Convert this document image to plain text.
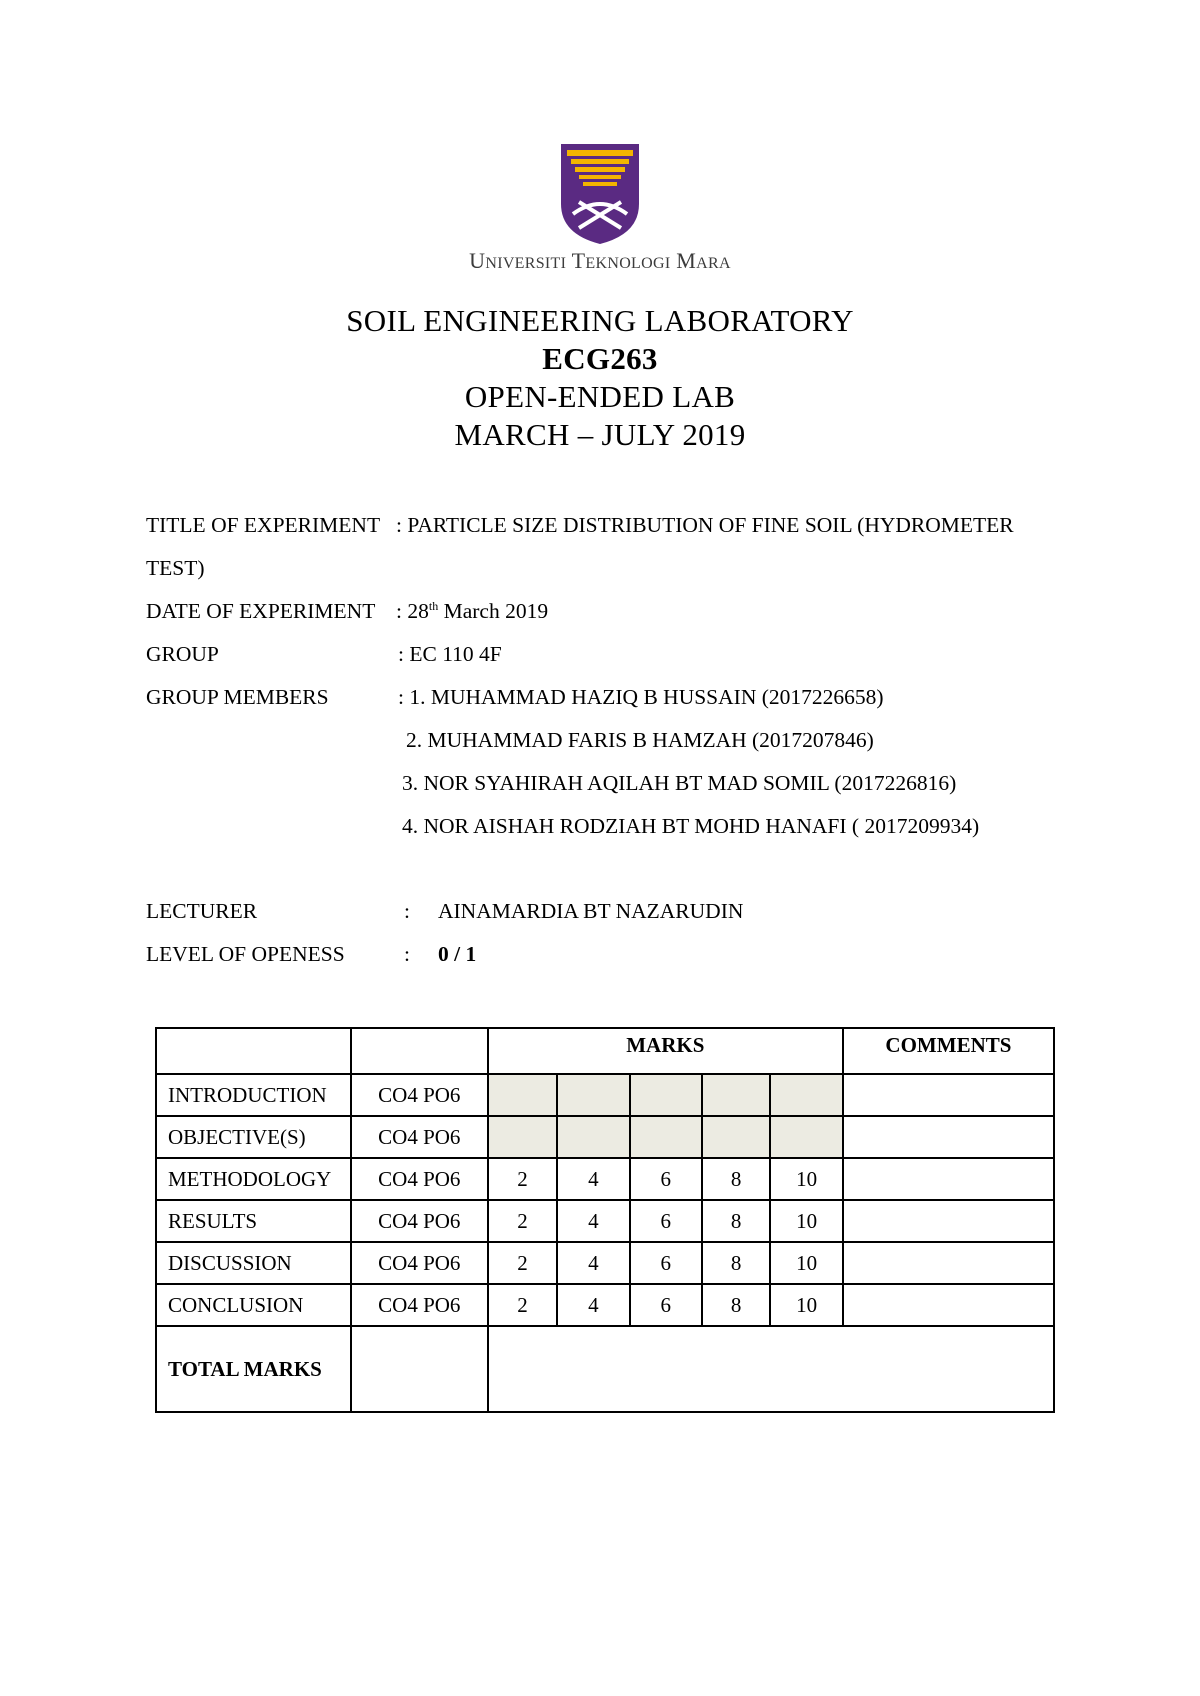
UNIVERSITI TEKNOLOGI MARA
SOIL ENGINEERING LABORATORY
ECG263
OPEN-ENDED LAB
MARCH – JULY 2019
TITLE OF EXPERIMENT : PARTICLE SIZE DISTRIBUTION OF FINE SOIL (HYDROMETER
TEST)
DATE OF EXPERIMENT : 28th March 2019
GROUP	: EC 110 4F
GROUP MEMBERS	: 1. MUHAMMAD HAZIQ B HUSSAIN (2017226658)
2. MUHAMMAD FARIS B HAMZAH (2017207846)
3. NOR SYAHIRAH AQILAH BT MAD SOMIL (2017226816)
4. NOR AISHAH RODZIAH BT MOHD HANAFI ( 2017209934)
LECTURER	: AINAMARDIA BT NAZARUDIN
LEVEL OF OPENESS	: 0 / 1
		MARKS					COMMENTS
INTRODUCTION	CO4 PO6						
OBJECTIVE(S)	CO4 PO6						
METHODOLOGY	CO4 PO6	2	4	6	8	10	
RESULTS	CO4 PO6	2	4	6	8	10	
DISCUSSION	CO4 PO6	2	4	6	8	10	
CONCLUSION	CO4 PO6	2	4	6	8	10	
TOTAL MARKS							
